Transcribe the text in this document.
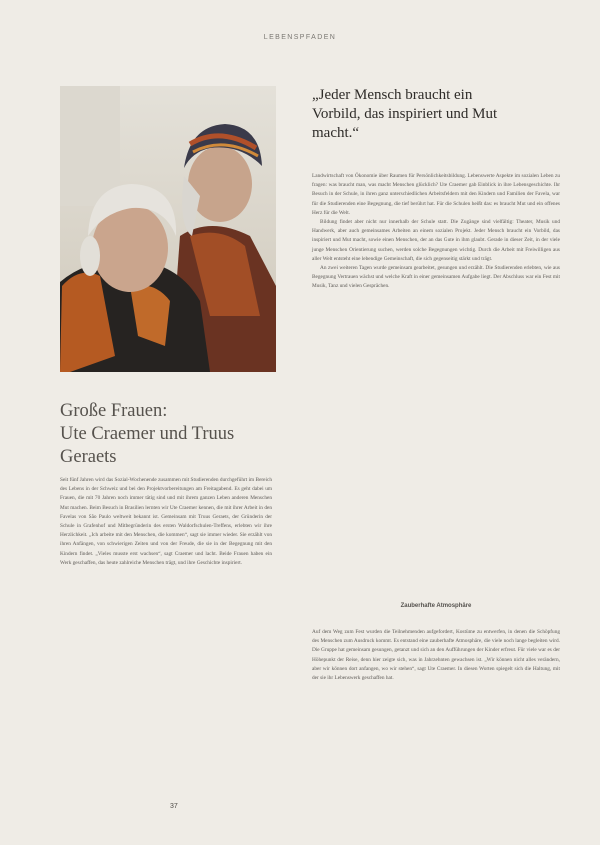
LEBENSPFADEN
Große Frauen:
Ute Craemer und Truus
Geraets
Seit fünf Jahren wird das Sozial-Wochenende zusammen mit Studierenden durchgeführt im Bereich des Lebens in der Schweiz und bei den Projektvorbereitungen am Freitagabend. Es geht dabei um Frauen, die mit 70 Jahren noch immer tätig sind und mit ihrem ganzen Leben anderen Menschen Mut machen. Beim Besuch in Brasilien lernten wir Ute Craemer kennen, die mit ihrer Arbeit in den Favelas von São Paulo weltweit bekannt ist. Gemeinsam mit Truus Geraets, der Gründerin der Schule in Grafenhof und Mitbegründerin des ersten Waldorfschulen-Treffens, erlebten wir ihre Herzlichkeit. „Ich arbeite mit den Menschen, die kommen“, sagt sie immer wieder. Sie erzählt von ihren Anfängen, von schwierigen Zeiten und von der Freude, die sie in der Begegnung mit den Kindern findet. „Vieles musste erst wachsen“, sagt Craemer und lacht. Beide Frauen haben ein Werk geschaffen, das heute zahlreiche Menschen trägt, und ihre Geschichte inspiriert.
„Jeder Mensch braucht ein
Vorbild, das inspiriert und Mut
macht.“

Landwirtschaft von Ökonomie über Raumen für Persönlichkeitsbildung. Lebenswerte Aspekte im sozialen Leben zu fragen: was braucht man, was macht Menschen glücklich? Ute Craemer gab Einblick in ihre Lebensgeschichte. Ihr Besuch in der Schule, in ihren ganz unterschiedlichen Arbeitsfeldern mit den Kindern und Familien der Favela, war für die Studierenden eine Begegnung, die tief berührt hat. Für die Schulen heißt das: es braucht Mut und ein offenes Herz für die Welt.

Bildung findet aber nicht nur innerhalb der Schule statt. Die Zugänge sind vielfältig: Theater, Musik und Handwerk, aber auch gemeinsames Arbeiten an einem sozialen Projekt. Jeder Mensch braucht ein Vorbild, das inspiriert und Mut macht, sowie einen Menschen, der an das Gute in ihm glaubt. Gerade in dieser Zeit, in der viele junge Menschen Orientierung suchen, werden solche Begegnungen wichtig. Durch die Arbeit mit Freiwilligen aus aller Welt entsteht eine lebendige Gemeinschaft, die sich gegenseitig stärkt und trägt.

An zwei weiteren Tagen wurde gemeinsam gearbeitet, gesungen und erzählt. Die Studierenden erlebten, wie aus Begegnung Vertrauen wächst und welche Kraft in einer gemeinsamen Aufgabe liegt. Der Abschluss war ein Fest mit Musik, Tanz und vielen Gesprächen.

Zauberhafte Atmosphäre
Auf dem Weg zum Fest wurden die Teilnehmenden aufgefordert, Kostüme zu entwerfen, in denen die Schöpfung des Menschen zum Ausdruck kommt. Es entstand eine zauberhafte Atmosphäre, die viele noch lange begleiten wird. Die Gruppe hat gemeinsam gesungen, getanzt und sich an den Aufführungen der Kinder erfreut. Für viele war es der Höhepunkt der Reise, denn hier zeigte sich, was in Jahrzehnten gewachsen ist. „Wir können nicht alles verändern, aber wir können dort anfangen, wo wir stehen“, sagt Ute Craemer. In diesen Worten spiegelt sich die Haltung, mit der sie ihr Lebenswerk geschaffen hat.
37
